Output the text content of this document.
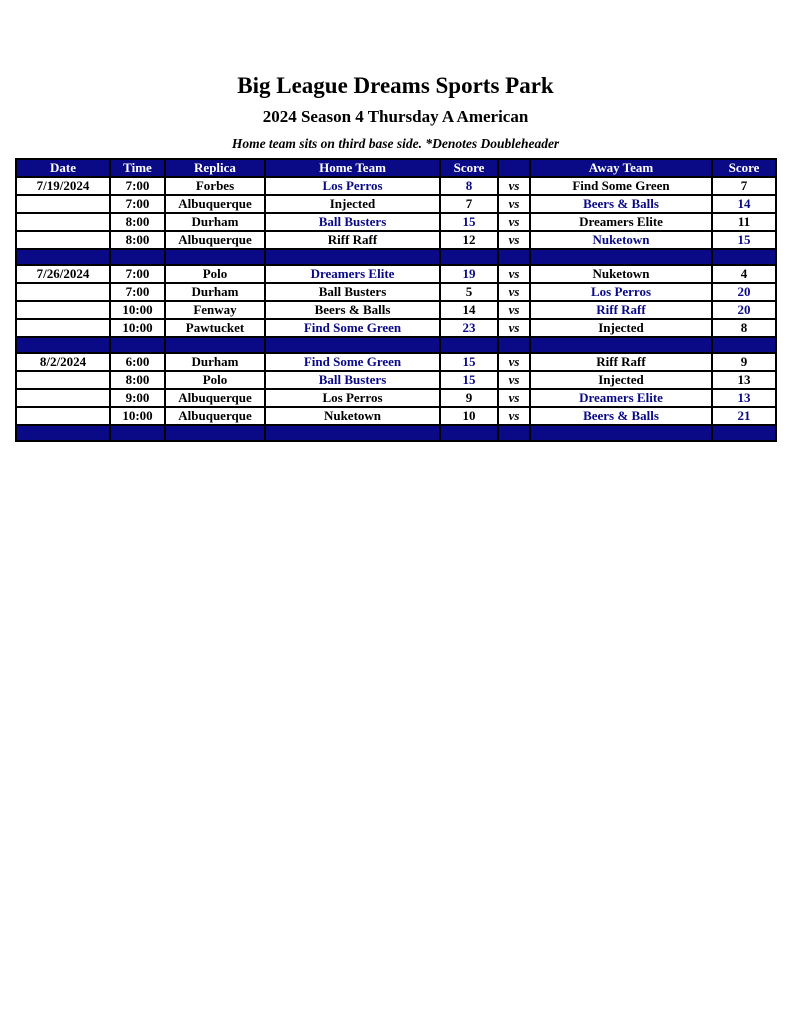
Big League Dreams Sports Park
2024 Season 4 Thursday A American

Home team sits on third base side. *Denotes Doubleheader

Date	Time	Replica	Home Team	Score		Away Team	Score
7/19/2024	7:00	Forbes	Los Perros	8	vs	Find Some Green	7
	7:00	Albuquerque	Injected	7	vs	Beers & Balls	14
	8:00	Durham	Ball Busters	15	vs	Dreamers Elite	11
	8:00	Albuquerque	Riff Raff	12	vs	Nuketown	15

7/26/2024	7:00	Polo	Dreamers Elite	19	vs	Nuketown	4
	7:00	Durham	Ball Busters	5	vs	Los Perros	20
	10:00	Fenway	Beers & Balls	14	vs	Riff Raff	20
	10:00	Pawtucket	Find Some Green	23	vs	Injected	8

8/2/2024	6:00	Durham	Find Some Green	15	vs	Riff Raff	9
	8:00	Polo	Ball Busters	15	vs	Injected	13
	9:00	Albuquerque	Los Perros	9	vs	Dreamers Elite	13
	10:00	Albuquerque	Nuketown	10	vs	Beers & Balls	21
